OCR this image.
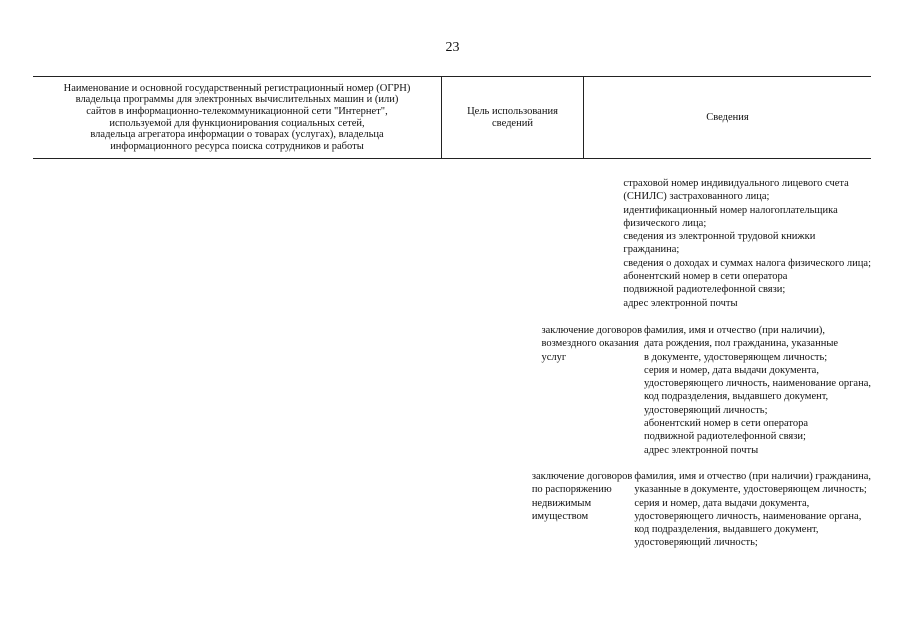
23
Наименование и основной государственный регистрационный номер (ОГРН)
владельца программы для электронных вычислительных машин и (или)
сайтов в информационно-телекоммуникационной сети "Интернет",
используемой для функционирования социальных сетей,
владельца агрегатора информации о товарах (услугах), владельца
информационного ресурса поиска сотрудников и работы
Цель использования
сведений
Сведения
страховой номер индивидуального лицевого счета
(СНИЛС) застрахованного лица;
идентификационный номер налогоплательщика
физического лица;
сведения из электронной трудовой книжки
гражданина;
сведения о доходах и суммах налога физического лица;
абонентский номер в сети оператора
подвижной радиотелефонной связи;
адрес электронной почты
заключение договоров
возмездного оказания
услуг
фамилия, имя и отчество (при наличии),
дата рождения, пол гражданина, указанные
в документе, удостоверяющем личность;
серия и номер, дата выдачи документа,
удостоверяющего личность, наименование органа,
код подразделения, выдавшего документ,
удостоверяющий личность;
абонентский номер в сети оператора
подвижной радиотелефонной связи;
адрес электронной почты
заключение договоров
по распоряжению
недвижимым
имуществом
фамилия, имя и отчество (при наличии) гражданина,
указанные в документе, удостоверяющем личность;
серия и номер, дата выдачи документа,
удостоверяющего личность, наименование органа,
код подразделения, выдавшего документ,
удостоверяющий личность;
